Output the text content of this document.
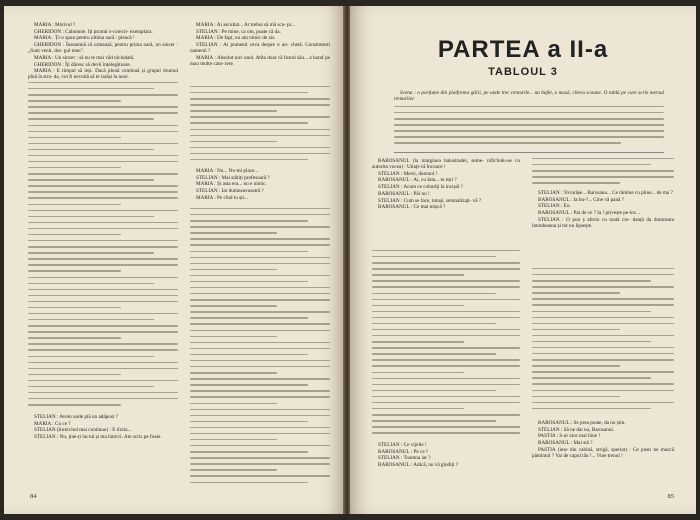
MARIA : Motivul ?

GHERIDON : Cubonnie. Iți promit s-corecti- exemplara.

MARIA : Ți-o spun pentru ultima oară : pleacă !

GHERIDON : Înseamnă că urmează, pentru prima oară, un sincer : „Sunt venit, dra- gul meu".

MARIA : Un sincer : să nu te mai văd niciodată.

GHERIDON : Îți dăresc să devii înțelegătoare.

MARIA : E timpul să ieși. Dacă plouă continuă și grupul drumul pînă la stra- da, voi fi nevoită să te iarăși la nooi.

STELIAN : Avem unde plă un adăpost ?

MARIA : Cu ce ?

STELIAN (încercind mai continuu) : E tîrziu...

STELIAN : Nu, ține-ți lucrul și ma întorci. Am scris pe foaie.

MARIA : Ai ascultat... Ar trebui să mă sca- pi...

STELIAN : Pe mine, ca om, poate că da.

MARIA : De fapt, nu am nimic de zis.

STELIAN : Ai pomenit ceva despre o an- chetă. Consimtesti oamenii ?

MARIA : Absolut nici unul. Atîta doar că fostul său... a haraf pe mau multe cam- tere.

MARIA : Nu... Nu-mi place...

STELIAN : Mai stătiți profesoară ?

MARIA : Și asta era... nu e nimic.

STELIAN : Iar dumneavoastră ?

MARIA : Pe cînd tu ști...

84
PARTEA a II-a
TABLOUL 3

Scena : o porțiune din platforma gării, pe unde trec trenurile... un bufet, o masă, cîteva scaune. O tablă pe care scrie mersul trenurilor.

BAROSANUL (la marginea balustradei, seme- nificîndu-se cu autorita vocea) : Uitați-vă încoace !

STELIAN : Mersi, domnul !

BAROSANUL : Ai, cu ăsta... tu ești ?

STELIAN : Acum ce coborîți la inciștă ?

BAROSANUL : Păi nu !

STELIAN : Cum se face, totuși, semnalizați- vă ?

BAROSANUL : Ce mai mișcă ?

STELIAN : Ce vijelie !

BAROSANUL : Pe ce ?

STELIAN : Toamna iar ?

BAROSANUL : Adică, nu vă gîndiți ?

STELIAN : Tovarășe... Barosanu... Ce rămîne cu pîine... de ma ?

BAROSANUL : Ia bu-?... Cine vă pană ?

STELIAN : Eu.

BAROSANUL : Pai de ce ? Ia ! privește pe-loc...

STELIAN : O pun ș aferin cu toată cre- danță da dumneata întotdeauna și tot nu lipsește.

BAROSANUL : Se prea poate, da nu știu.

STELIAN : Să ne dai nu, Barosanul.

PASTIA : S-ar zice mai bine !

BAROSANUL : Mai stă ?

PASTIA (iese din cabină, strigă, speriat) : Ce pusti ne muscă pămîntul ? Vai de capul tău !... Vine trenul !

85
